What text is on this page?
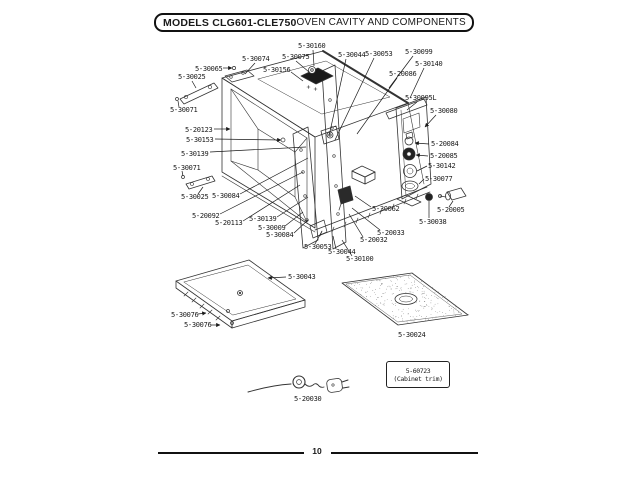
MODELS CLG601-CLE750 OVEN CAVITY AND COMPONENTS
5-30065
5-30074 5-30075
5-30156
5-30160
5-30025
5-30071
5-30044 5-30053 5-30099
5-30140
5-20086
5-30095L
5-30080
5-20084
5-20085
5-30142
5-30077
5-20005
5-30038
5-20123
5-30153
5-30139
5-30071
5-30025 5-30084
5-20092
5-20113 5-30139
5-30009
5-30084
5-30062
5-20033
5-20032
5-30053
5-30044
5-30100
5-30043
5-30076
5-30076
5-30024
5-20030
5-60723
(Cabinet trim)
10
